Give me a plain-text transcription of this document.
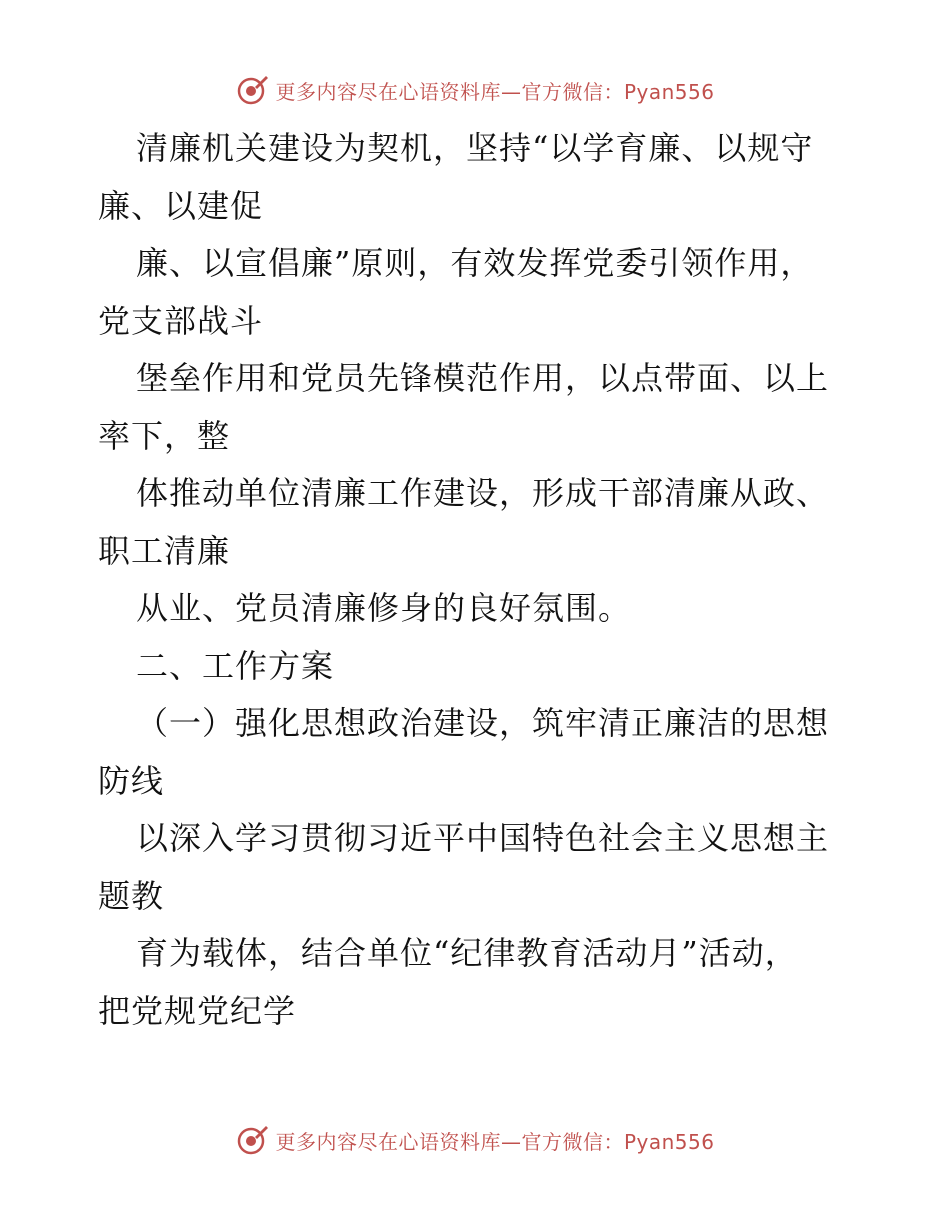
更多内容尽在心语资料库—官方微信：Pyan556
清廉机关建设为契机，坚持“以学育廉、以规守
廉、以建促
廉、以宣倡廉”原则，有效发挥党委引领作用，
党支部战斗
堡垒作用和党员先锋模范作用，以点带面、以上
率下，整
体推动单位清廉工作建设，形成干部清廉从政、
职工清廉
从业、党员清廉修身的良好氛围。
二、工作方案
（一）强化思想政治建设，筑牢清正廉洁的思想
防线
以深入学习贯彻习近平中国特色社会主义思想主
题教
育为载体，结合单位“纪律教育活动月”活动，
把党规党纪学
更多内容尽在心语资料库—官方微信：Pyan556
